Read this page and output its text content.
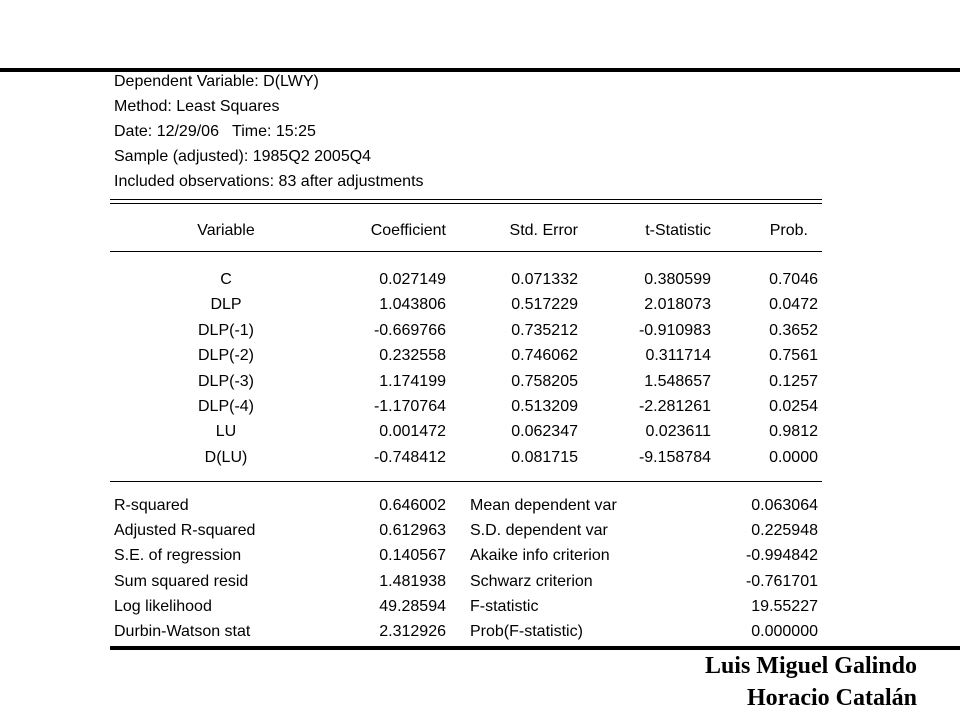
Dependent Variable: D(LWY)
Method: Least Squares
Date: 12/29/06   Time: 15:25
Sample (adjusted): 1985Q2 2005Q4
Included observations: 83 after adjustments
Variable	Coefficient	Std. Error	t-Statistic	Prob.
C	0.027149	0.071332	0.380599	0.7046
DLP	1.043806	0.517229	2.018073	0.0472
DLP(-1)	-0.669766	0.735212	-0.910983	0.3652
DLP(-2)	0.232558	0.746062	0.311714	0.7561
DLP(-3)	1.174199	0.758205	1.548657	0.1257
DLP(-4)	-1.170764	0.513209	-2.281261	0.0254
LU	0.001472	0.062347	0.023611	0.9812
D(LU)	-0.748412	0.081715	-9.158784	0.0000
R-squared	0.646002 Mean dependent var	0.063064
Adjusted R-squared	0.612963 S.D. dependent var	0.225948
S.E. of regression	0.140567 Akaike info criterion	-0.994842
Sum squared resid	1.481938 Schwarz criterion	-0.761701
Log likelihood	49.28594 F-statistic	19.55227
Durbin-Watson stat	2.312926 Prob(F-statistic)	0.000000
Luis Miguel Galindo
Horacio Catalán
